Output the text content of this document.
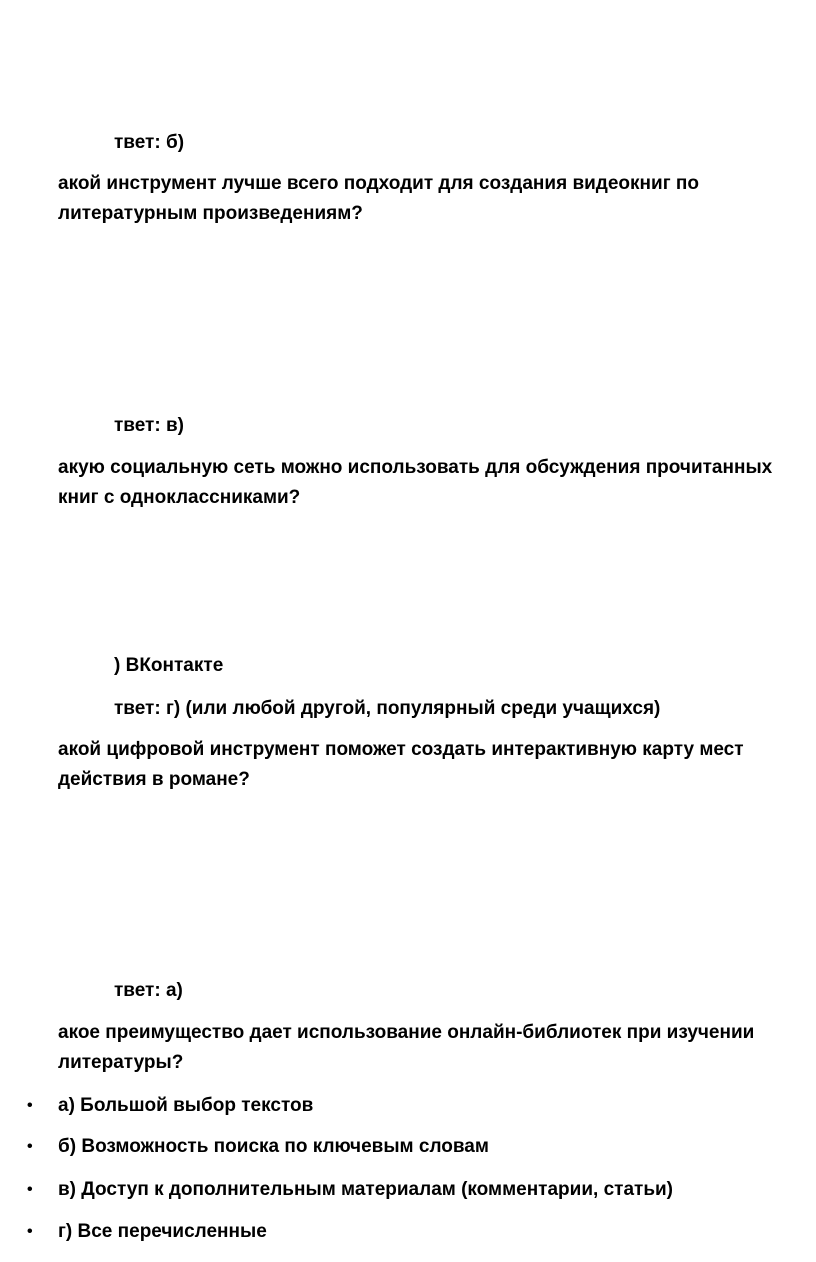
твет: б)

акой инструмент лучше всего подходит для создания видеокниг по литературным произведениям?

твет: в)

акую социальную сеть можно использовать для обсуждения прочитанных книг с одноклассниками?

) ВКонтакте

твет: г) (или любой другой, популярный среди учащихся)

акой цифровой инструмент поможет создать интерактивную карту мест действия в романе?

твет: а)

акое преимущество дает использование онлайн-библиотек при изучении литературы?

• а) Большой выбор текстов
• б) Возможность поиска по ключевым словам
• в) Доступ к дополнительным материалам (комментарии, статьи)
• г) Все перечисленные
